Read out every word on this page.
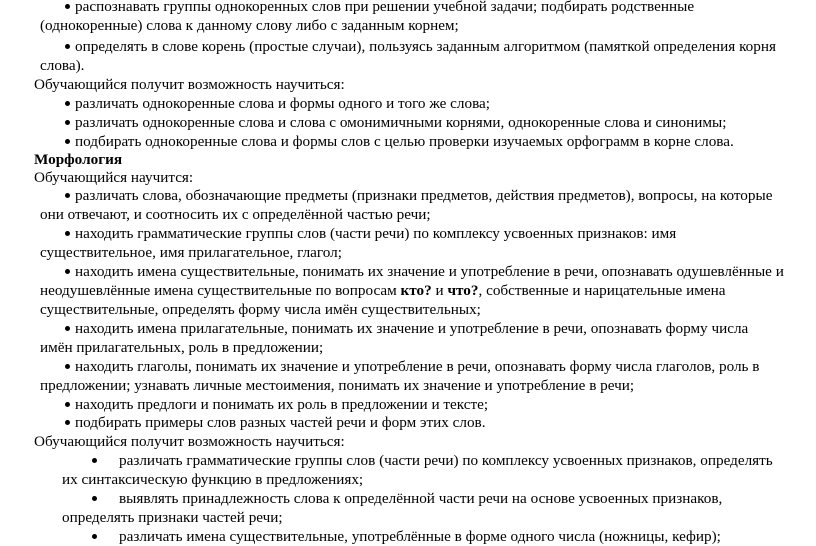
распознавать группы однокоренных слов при решении учебной задачи; подбирать родственные
(однокоренные) слова к данному слову либо с заданным корнем;
определять в слове корень (простые случаи), пользуясь заданным алгоритмом (памяткой определения корня
слова).
Обучающийся получит возможность научиться:
различать однокоренные слова и формы одного и того же слова;
различать однокоренные слова и слова с омонимичными корнями, однокоренные слова и синонимы;
подбирать однокоренные слова и формы слов с целью проверки изучаемых орфограмм в корне слова.
Морфология
Обучающийся научится:
различать слова, обозначающие предметы (признаки предметов, действия предметов), вопросы, на которые
они отвечают, и соотносить их с определённой частью речи;
находить грамматические группы слов (части речи) по комплексу усвоенных признаков: имя
существительное, имя прилагательное, глагол;
находить имена существительные, понимать их значение и употребление в речи, опознавать одушевлённые и
неодушевлённые имена существительные по вопросам кто? и что?, собственные и нарицательные имена
существительные, определять форму числа имён существительных;
находить имена прилагательные, понимать их значение и употребление в речи, опознавать форму числа
имён прилагательных, роль в предложении;
находить глаголы, понимать их значение и употребление в речи, опознавать форму числа глаголов, роль в
предложении; узнавать личные местоимения, понимать их значение и употребление в речи;
находить предлоги и понимать их роль в предложении и тексте;
подбирать примеры слов разных частей речи и форм этих слов.
Обучающийся получит возможность научиться:
различать грамматические группы слов (части речи) по комплексу усвоенных признаков, определять
их синтаксическую функцию в предложениях;
выявлять принадлежность слова к определённой части речи на основе усвоенных признаков,
определять признаки частей речи;
различать имена существительные, употреблённые в форме одного числа (ножницы, кефир);
